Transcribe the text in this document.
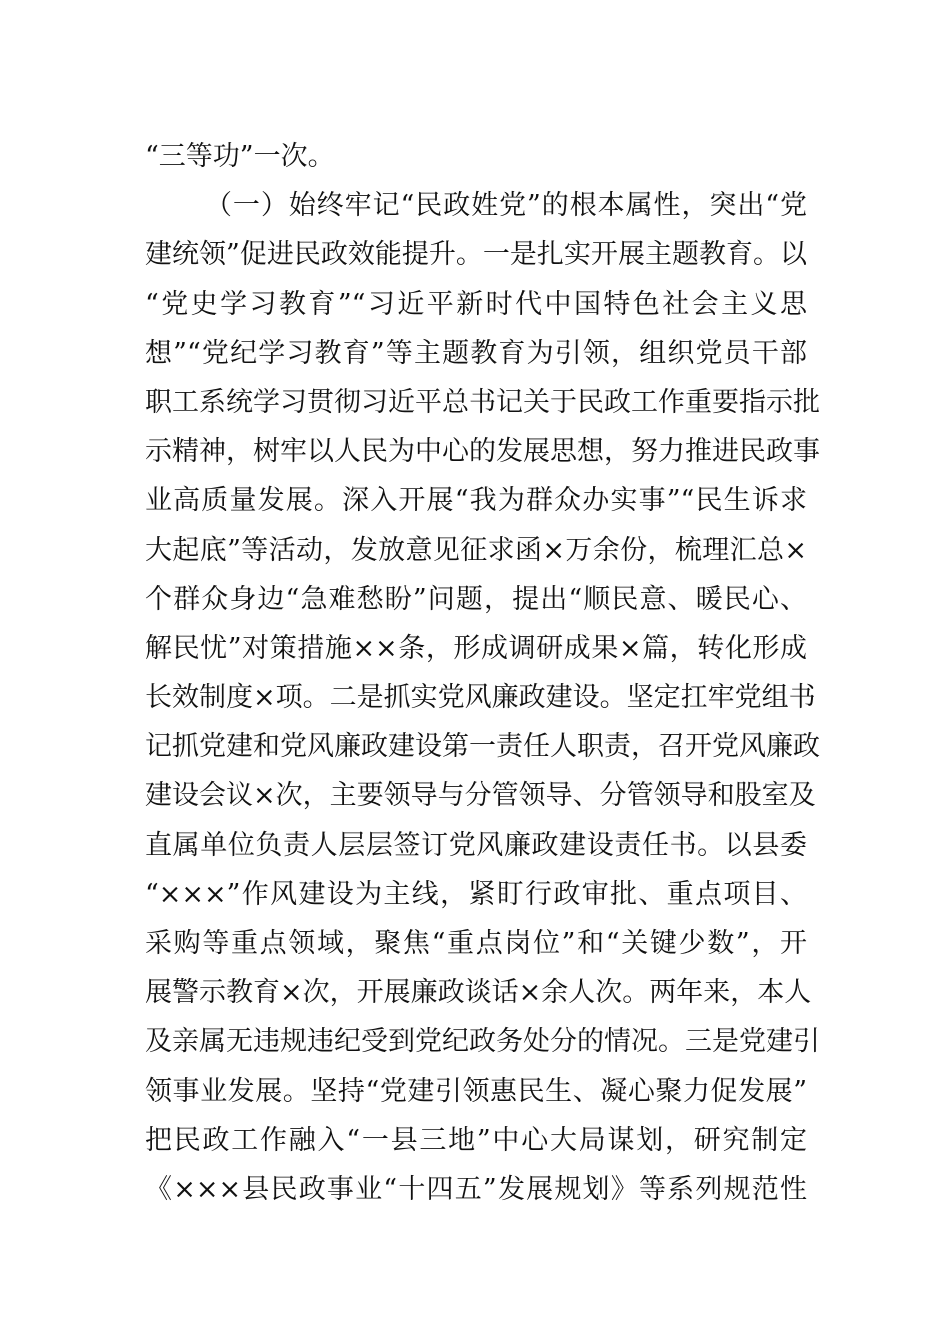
“三等功”一次。
（一）始终牢记“民政姓党”的根本属性，突出“党
建统领”促进民政效能提升。一是扎实开展主题教育。以
“党史学习教育”“习近平新时代中国特色社会主义思
想”“党纪学习教育”等主题教育为引领，组织党员干部
职工系统学习贯彻习近平总书记关于民政工作重要指示批
示精神，树牢以人民为中心的发展思想，努力推进民政事
业高质量发展。深入开展“我为群众办实事”“民生诉求
大起底”等活动，发放意见征求函×万余份，梳理汇总×
个群众身边“急难愁盼”问题，提出“顺民意、暖民心、
解民忧”对策措施××条，形成调研成果×篇，转化形成
长效制度×项。二是抓实党风廉政建设。坚定扛牢党组书
记抓党建和党风廉政建设第一责任人职责，召开党风廉政
建设会议×次，主要领导与分管领导、分管领导和股室及
直属单位负责人层层签订党风廉政建设责任书。以县委
“×××”作风建设为主线，紧盯行政审批、重点项目、
采购等重点领域，聚焦“重点岗位”和“关键少数”，开
展警示教育×次，开展廉政谈话×余人次。两年来，本人
及亲属无违规违纪受到党纪政务处分的情况。三是党建引
领事业发展。坚持“党建引领惠民生、凝心聚力促发展”
把民政工作融入“一县三地”中心大局谋划，研究制定
《×××县民政事业“十四五”发展规划》等系列规范性
